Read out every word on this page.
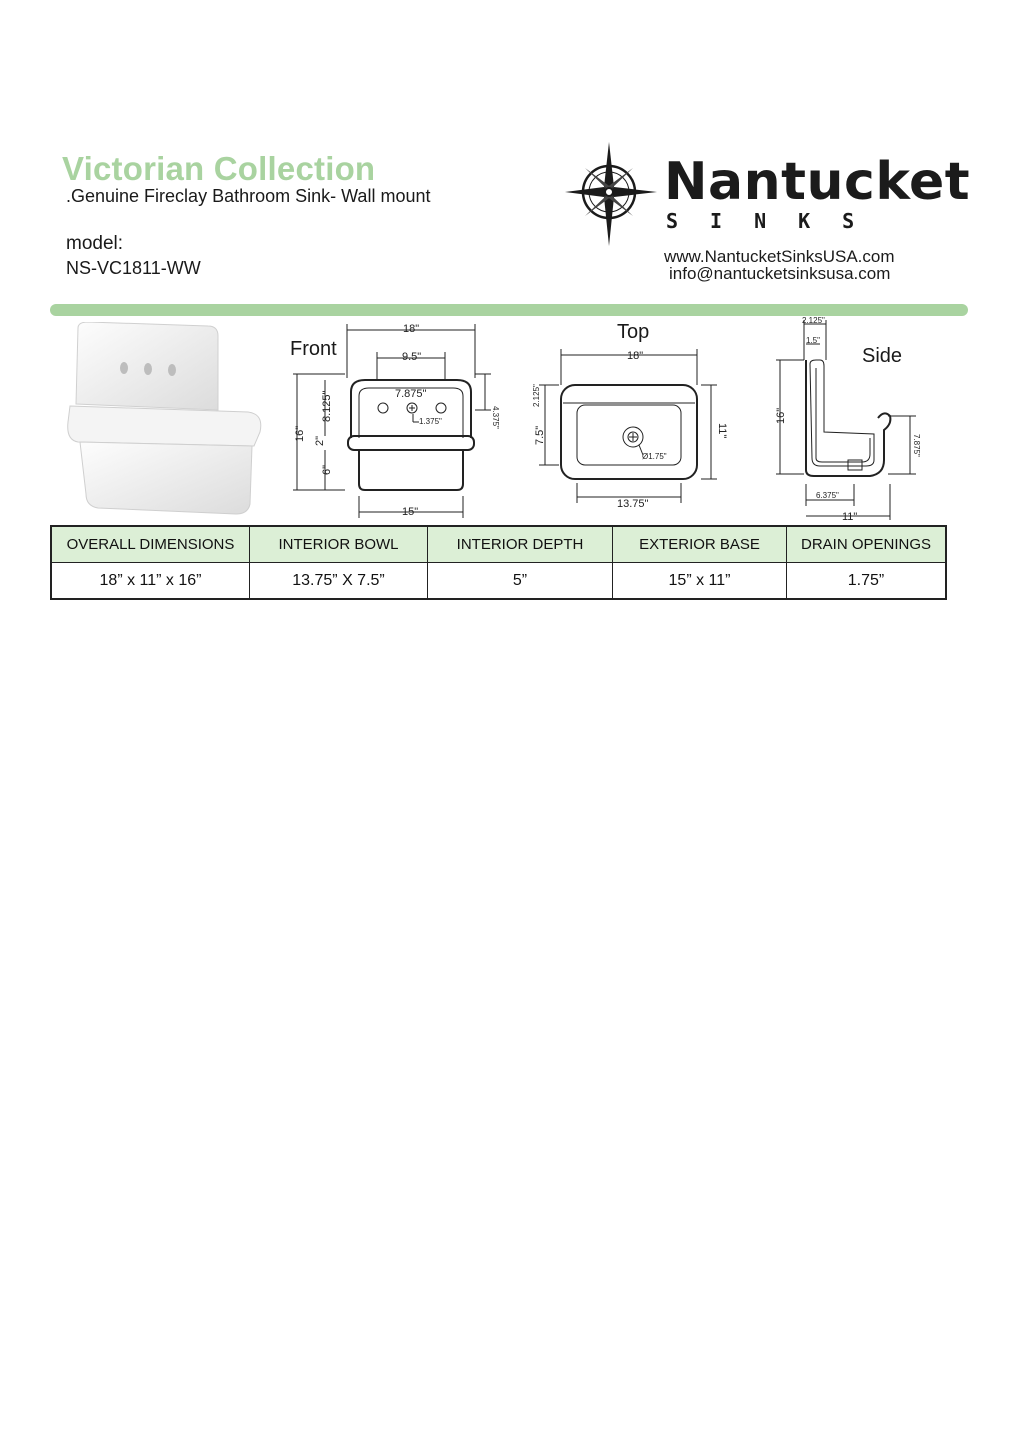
Victorian Collection
.Genuine Fireclay Bathroom Sink- Wall mount
model:
NS-VC1811-WW
Nantucket
SINKS
www.NantucketSinksUSA.com
info@nantucketsinksusa.com
Front
18"
9.5"
7.875"
1.375"
16"
8.125"
2"
6"
4.375"
15"
Top
18"
2.125"
7.5"	11"
Ø1.75"
13.75"
Side
2.125"
1.5"
16"
7.875"
6.375"
11"
OVERALL DIMENSIONS	INTERIOR BOWL	INTERIOR DEPTH	EXTERIOR BASE	DRAIN OPENINGS
18” x 11” x 16”	13.75” X 7.5”	5”	15” x 11”	1.75”
